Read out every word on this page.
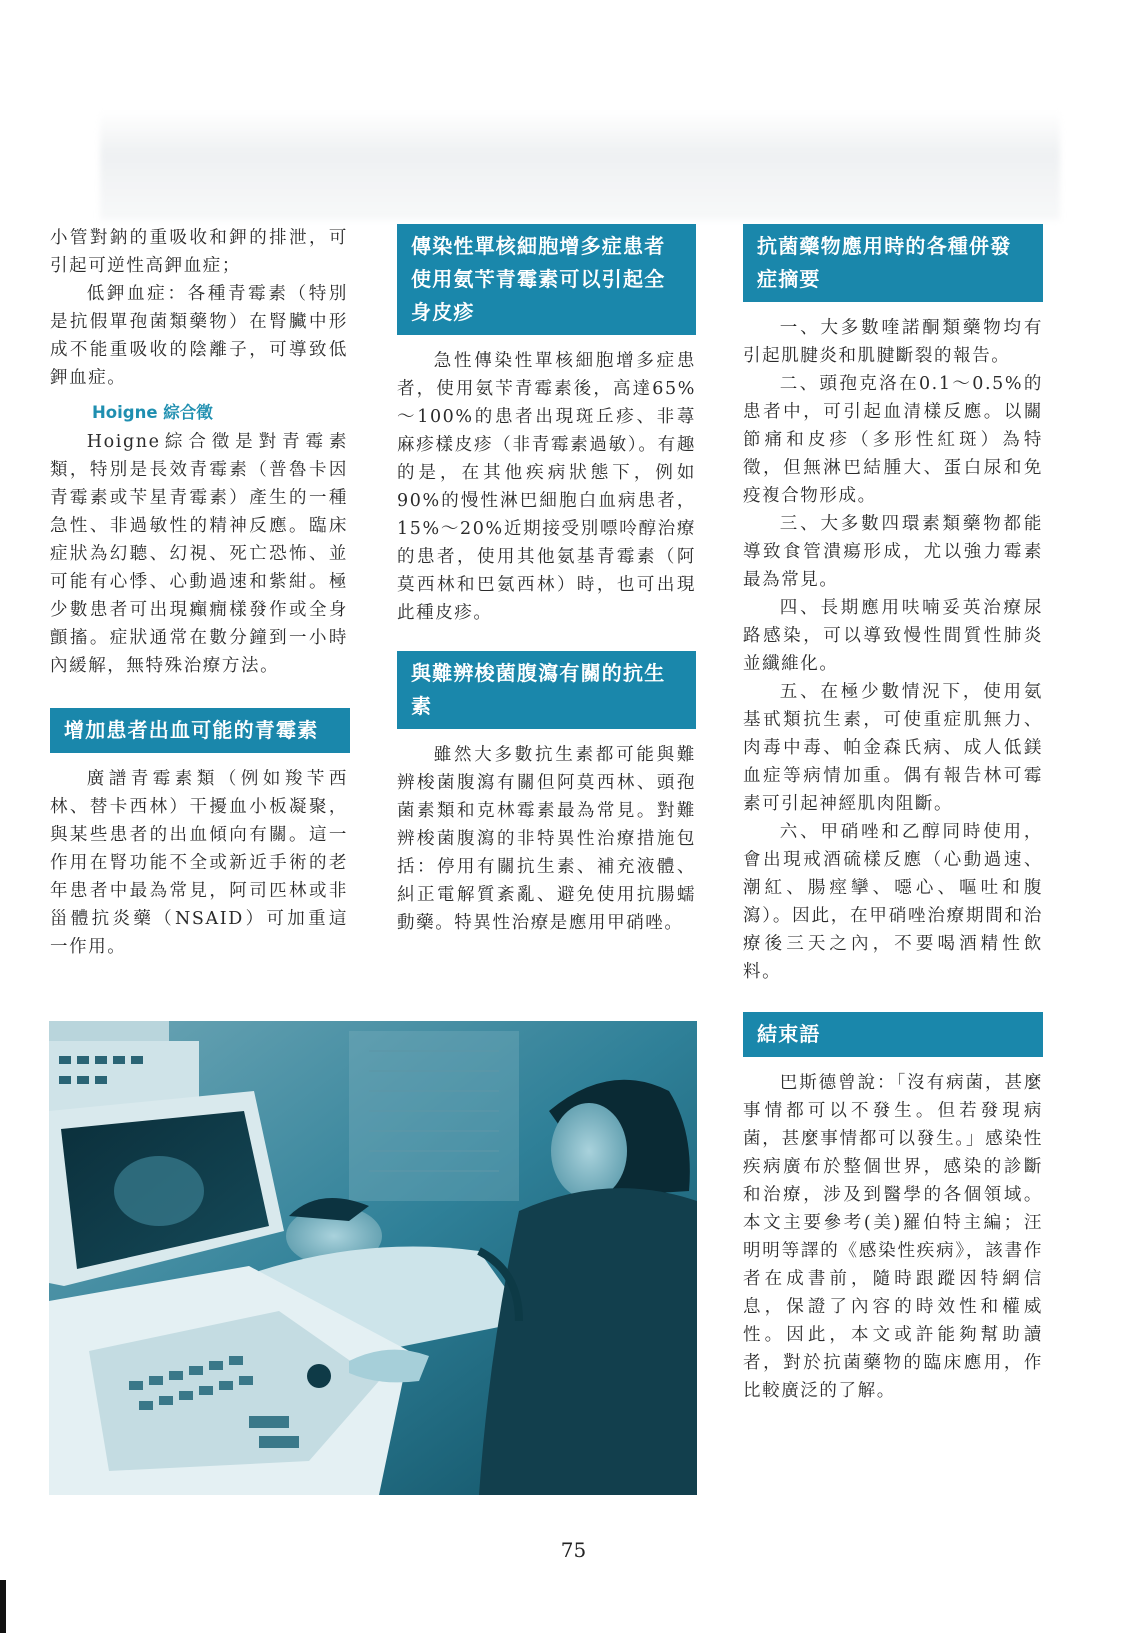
小管對鈉的重吸收和鉀的排泄，可引起可逆性高鉀血症；

低鉀血症：各種青霉素（特別是抗假單孢菌類藥物）在腎臟中形成不能重吸收的陰離子，可導致低鉀血症。

Hoigne 綜合徵

Hoigne綜合徵是對青霉素類，特別是長效青霉素（普魯卡因青霉素或苄星青霉素）產生的一種急性、非過敏性的精神反應。臨床症狀為幻聽、幻視、死亡恐怖、並可能有心悸、心動過速和紫紺。極少數患者可出現癲癇樣發作或全身顫搐。症狀通常在數分鐘到一小時內緩解，無特殊治療方法。

增加患者出血可能的青霉素

廣譜青霉素類（例如羧苄西林、替卡西林）干擾血小板凝聚，與某些患者的出血傾向有關。這一作用在腎功能不全或新近手術的老年患者中最為常見，阿司匹林或非甾體抗炎藥（NSAID）可加重這一作用。

傳染性單核細胞增多症患者使用氨苄青霉素可以引起全身皮疹

急性傳染性單核細胞增多症患者，使用氨苄青霉素後，高達65%～100%的患者出現斑丘疹、非蕁麻疹樣皮疹（非青霉素過敏）。有趣的是，在其他疾病狀態下，例如90%的慢性淋巴細胞白血病患者，15%～20%近期接受別嘌呤醇治療的患者，使用其他氨基青霉素（阿莫西林和巴氨西林）時，也可出現此種皮疹。

與難辨梭菌腹瀉有關的抗生素

雖然大多數抗生素都可能與難辨梭菌腹瀉有關但阿莫西林、頭孢菌素類和克林霉素最為常見。對難辨梭菌腹瀉的非特異性治療措施包括：停用有關抗生素、補充液體、糾正電解質紊亂、避免使用抗腸蠕動藥。特異性治療是應用甲硝唑。

抗菌藥物應用時的各種併發症摘要

一、大多數喹諾酮類藥物均有引起肌腱炎和肌腱斷裂的報告。

二、頭孢克洛在0.1～0.5%的患者中，可引起血清樣反應。以關節痛和皮疹（多形性紅斑）為特徵，但無淋巴結腫大、蛋白尿和免疫複合物形成。

三、大多數四環素類藥物都能導致食管潰瘍形成，尤以強力霉素最為常見。

四、長期應用呋喃妥英治療尿路感染，可以導致慢性間質性肺炎並纖維化。

五、在極少數情況下，使用氨基甙類抗生素，可使重症肌無力、肉毒中毒、帕金森氏病、成人低鎂血症等病情加重。偶有報告林可霉素可引起神經肌肉阻斷。

六、甲硝唑和乙醇同時使用，會出現戒酒硫樣反應（心動過速、潮紅、腸痙攣、噁心、嘔吐和腹瀉）。因此，在甲硝唑治療期間和治療後三天之內，不要喝酒精性飲料。

結束語

巴斯德曾說：「沒有病菌，甚麼事情都可以不發生。但若發現病菌，甚麼事情都可以發生。」感染性疾病廣布於整個世界，感染的診斷和治療，涉及到醫學的各個領域。本文主要參考(美)羅伯特主編；汪明明等譯的《感染性疾病》，該書作者在成書前，隨時跟蹤因特網信息，保證了內容的時效性和權威性。因此，本文或許能夠幫助讀者，對於抗菌藥物的臨床應用，作比較廣泛的了解。

75
